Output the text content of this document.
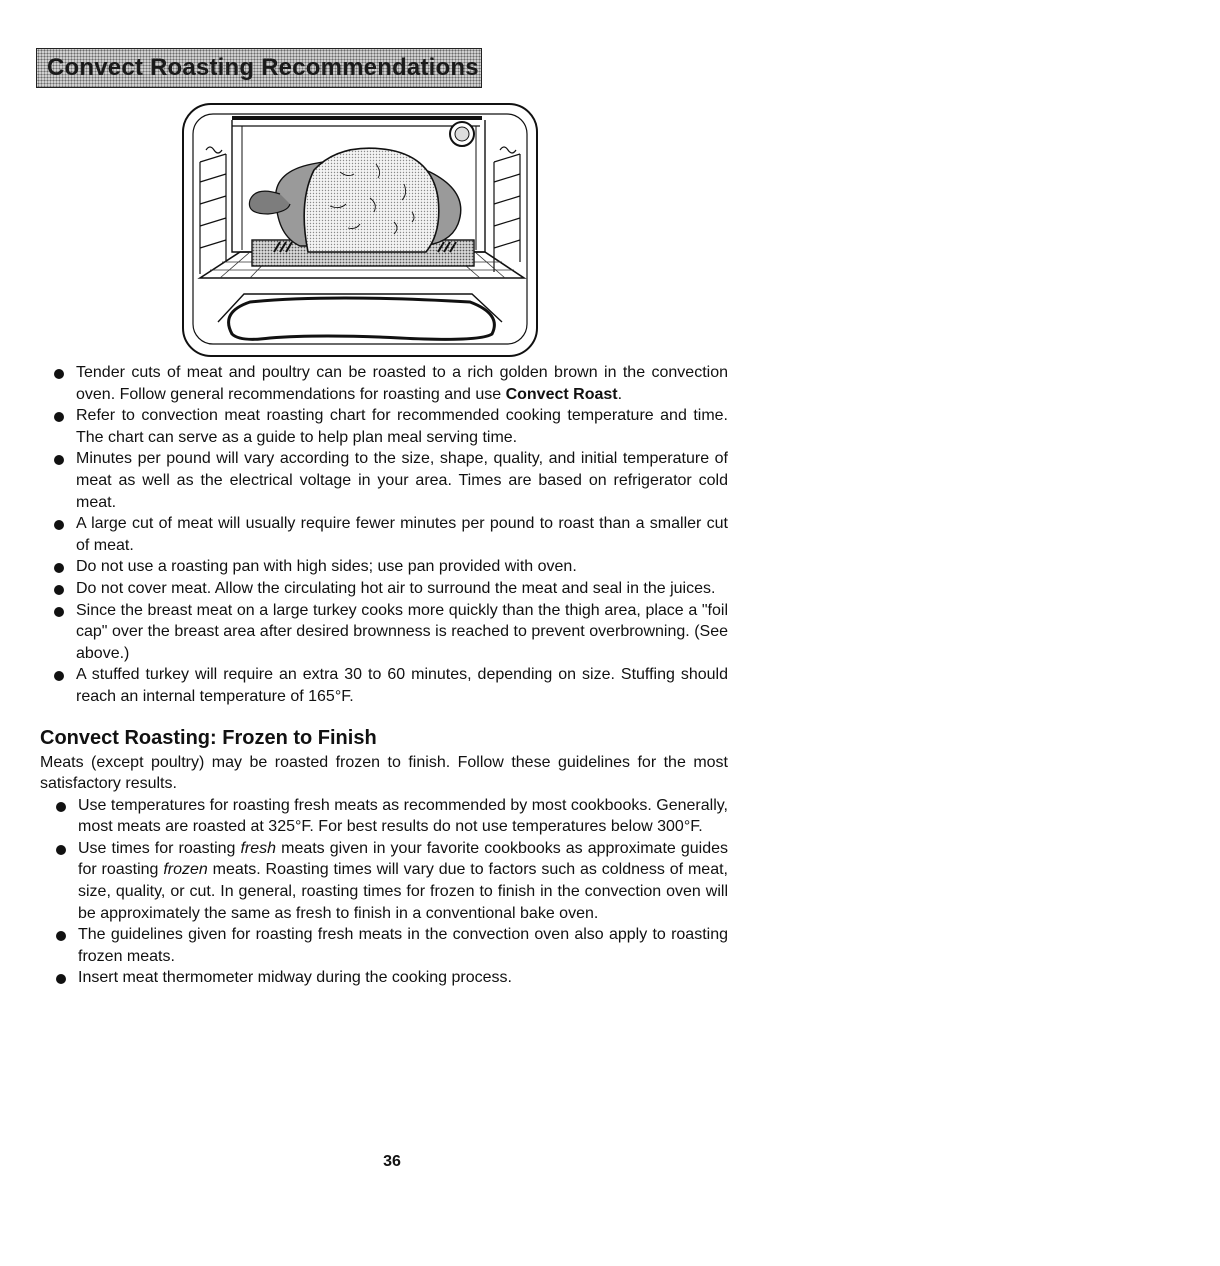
Convect Roasting Recommendations
Tender cuts of meat and poultry can be roasted to a rich golden brown in the convection oven. Follow general recommendations for roasting and use Convect Roast.
Refer to convection meat roasting chart for recommended cooking temperature and time. The chart can serve as a guide to help plan meal serving time.
Minutes per pound will vary according to the size, shape, quality, and initial temperature of meat as well as the electrical voltage in your area. Times are based on refrigerator cold meat.
A large cut of meat will usually require fewer minutes per pound to roast than a smaller cut of meat.
Do not use a roasting pan with high sides; use pan provided with oven.
Do not cover meat. Allow the circulating hot air to surround the meat and seal in the juices.
Since the breast meat on a large turkey cooks more quickly than the thigh area, place a "foil cap" over the breast area after desired brownness is reached to prevent overbrowning. (See above.)
A stuffed turkey will require an extra 30 to 60 minutes, depending on size. Stuffing should reach an internal temperature of 165°F.
Convect Roasting: Frozen to Finish

Meats (except poultry) may be roasted frozen to finish. Follow these guidelines for the most satisfactory results.

Use temperatures for roasting fresh meats as recommended by most cookbooks. Generally, most meats are roasted at 325°F. For best results do not use temperatures below 300°F.
Use times for roasting fresh meats given in your favorite cookbooks as approximate guides for roasting frozen meats. Roasting times will vary due to factors such as coldness of meat, size, quality, or cut. In general, roasting times for frozen to finish in the convection oven will be approximately the same as fresh to finish in a conventional bake oven.
The guidelines given for roasting fresh meats in the convection oven also apply to roasting frozen meats.
Insert meat thermometer midway during the cooking process.
36
